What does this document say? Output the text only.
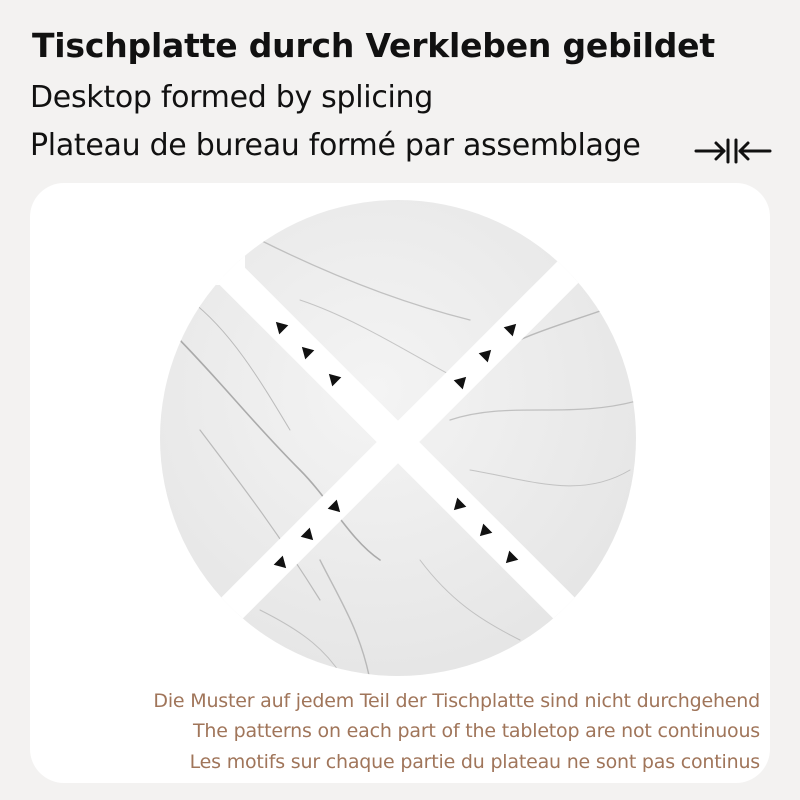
Tischplatte durch Verkleben gebildet
Desktop formed by splicing
Plateau de bureau formé par assemblage
Die Muster auf jedem Teil der Tischplatte sind nicht durchgehend
The patterns on each part of the tabletop are not continuous
Les motifs sur chaque partie du plateau ne sont pas continus
